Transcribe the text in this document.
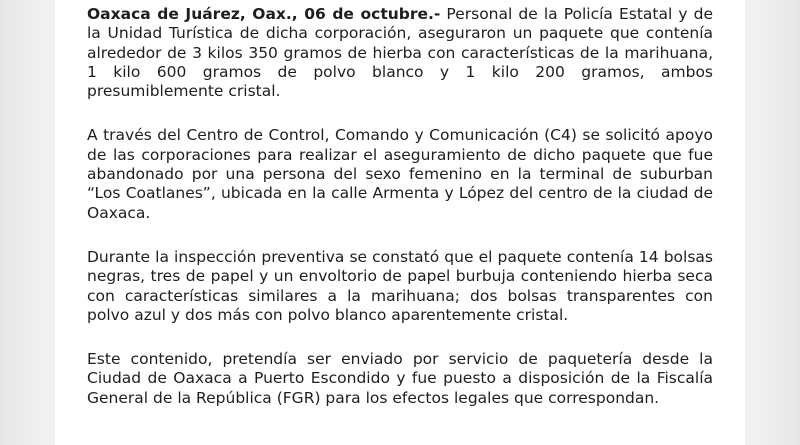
Oaxaca de Juárez, Oax., 06 de octubre.- Personal de la Policía Estatal y de la Unidad Turística de dicha corporación, aseguraron un paquete que contenía alrededor de 3 kilos 350 gramos de hierba con características de la marihuana, 1 kilo 600 gramos de polvo blanco y 1 kilo 200 gramos, ambos presumiblemente cristal.

A través del Centro de Control, Comando y Comunicación (C4) se solicitó apoyo de las corporaciones para realizar el aseguramiento de dicho paquete que fue abandonado por una persona del sexo femenino en la terminal de suburban “Los Coatlanes”, ubicada en la calle Armenta y López del centro de la ciudad de Oaxaca.

Durante la inspección preventiva se constató que el paquete contenía 14 bolsas negras, tres de papel y un envoltorio de papel burbuja conteniendo hierba seca con características similares a la marihuana; dos bolsas transparentes con polvo azul y dos más con polvo blanco aparentemente cristal.

Este contenido, pretendía ser enviado por servicio de paquetería desde la Ciudad de Oaxaca a Puerto Escondido y fue puesto a disposición de la Fiscalía General de la República (FGR) para los efectos legales que correspondan.
